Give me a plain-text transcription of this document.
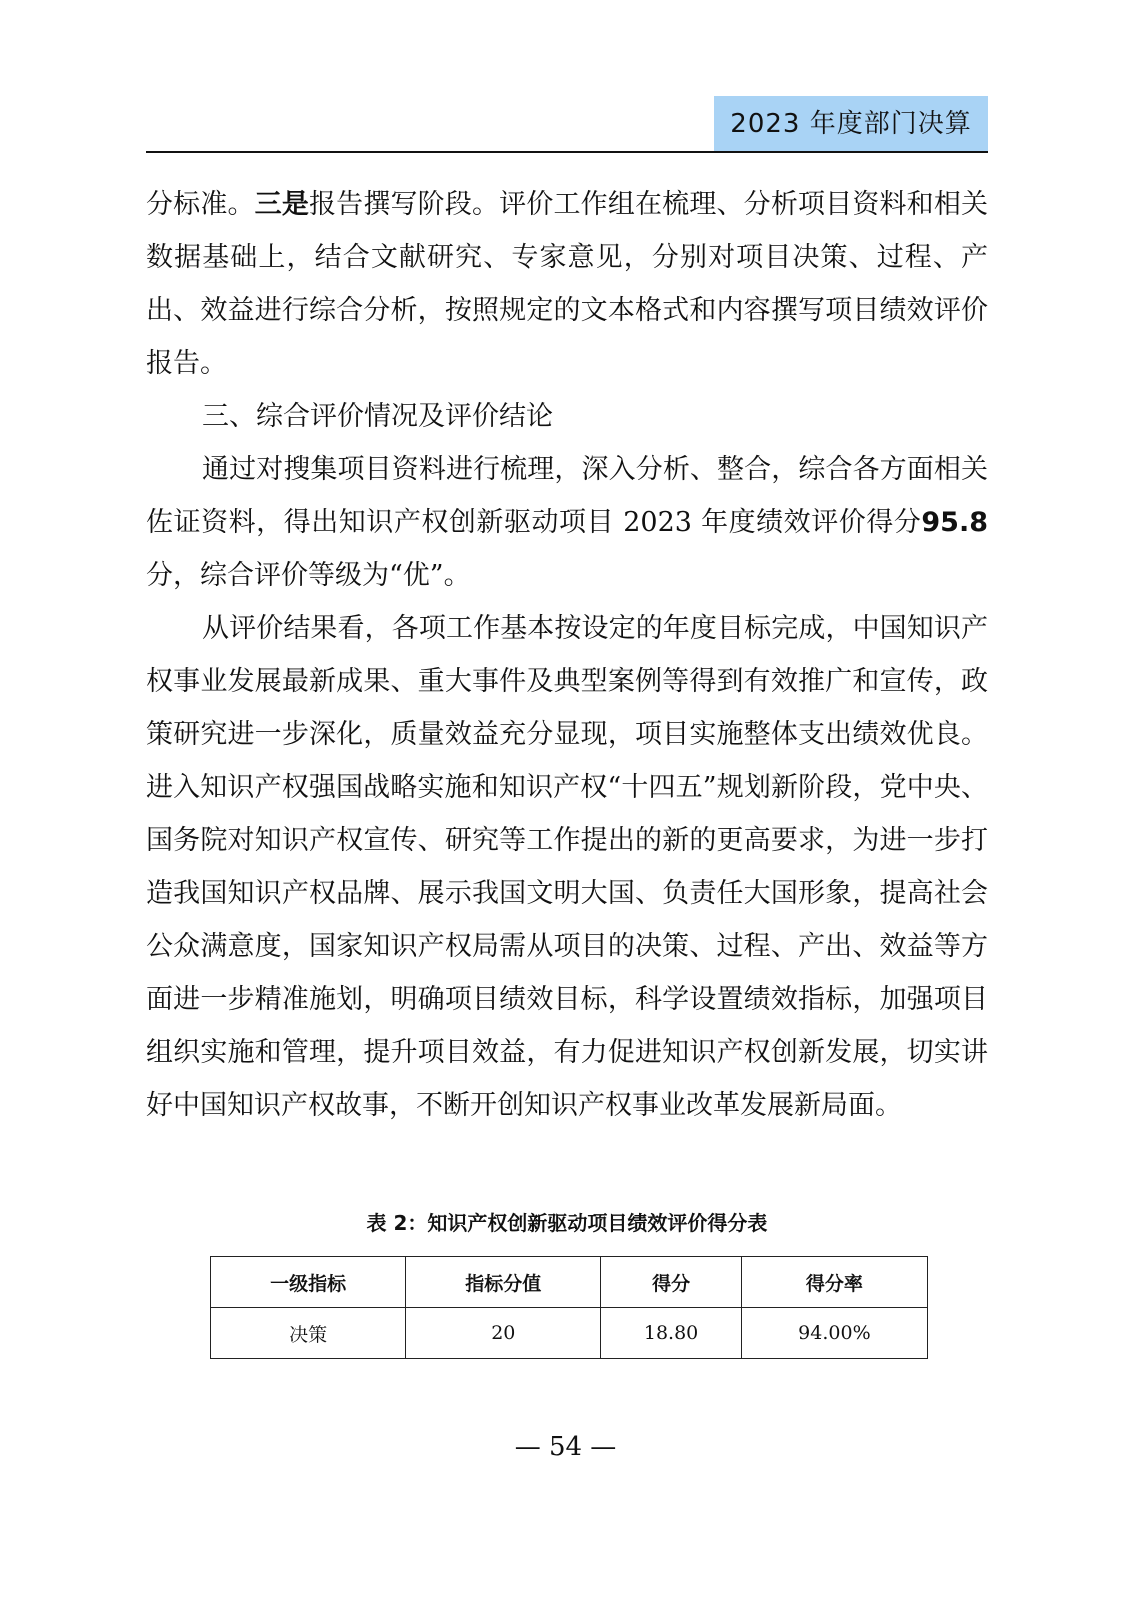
2023 年度部门决算

分标准。三是报告撰写阶段。评价工作组在梳理、分析项目资料和相关数据基础上，结合文献研究、专家意见，分别对项目决策、过程、产出、效益进行综合分析，按照规定的文本格式和内容撰写项目绩效评价报告。

三、综合评价情况及评价结论

通过对搜集项目资料进行梳理，深入分析、整合，综合各方面相关佐证资料，得出知识产权创新驱动项目 2023 年度绩效评价得分95.8分，综合评价等级为“优”。

从评价结果看，各项工作基本按设定的年度目标完成，中国知识产权事业发展最新成果、重大事件及典型案例等得到有效推广和宣传，政策研究进一步深化，质量效益充分显现，项目实施整体支出绩效优良。进入知识产权强国战略实施和知识产权“十四五”规划新阶段，党中央、国务院对知识产权宣传、研究等工作提出的新的更高要求，为进一步打造我国知识产权品牌、展示我国文明大国、负责任大国形象，提高社会公众满意度，国家知识产权局需从项目的决策、过程、产出、效益等方面进一步精准施划，明确项目绩效目标，科学设置绩效指标，加强项目组织实施和管理，提升项目效益，有力促进知识产权创新发展，切实讲好中国知识产权故事，不断开创知识产权事业改革发展新局面。

表 2：知识产权创新驱动项目绩效评价得分表
一级指标	指标分值	得分	得分率
决策	20	18.80	94.00%
— 54 —
